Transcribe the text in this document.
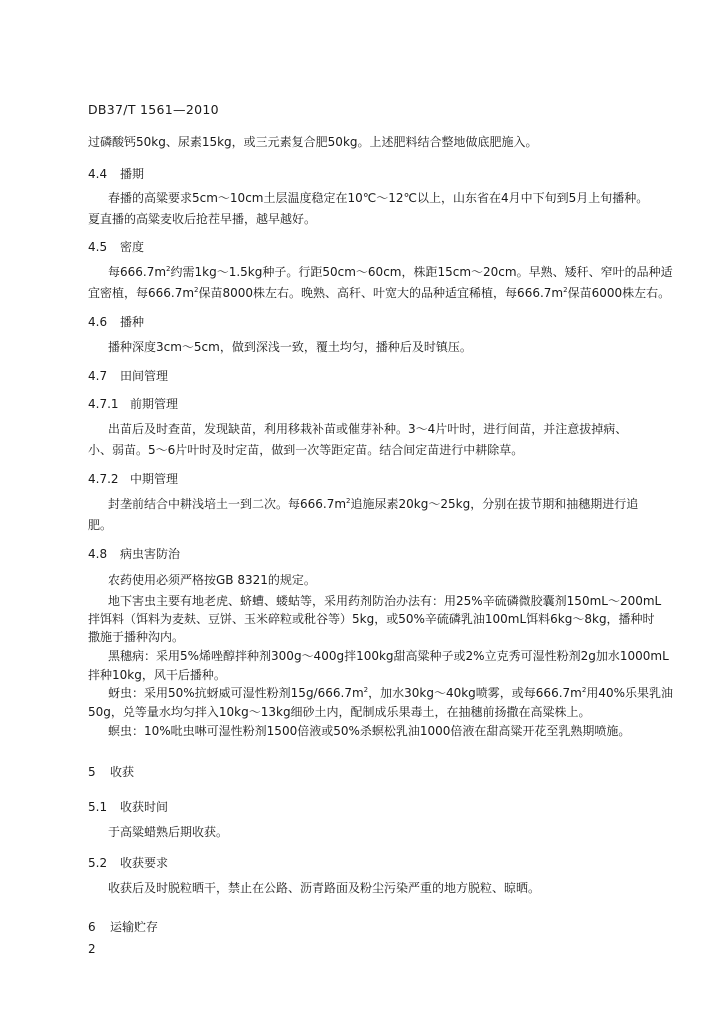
DB37/T 1561—2010
过磷酸钙50kg、尿素15kg，或三元素复合肥50kg。上述肥料结合整地做底肥施入。
4.4 播期
春播的高粱要求5cm～10cm土层温度稳定在10℃～12℃以上，山东省在4月中下旬到5月上旬播种。
夏直播的高粱麦收后抢茬早播，越早越好。
4.5 密度
每$666.7m^2$约需1kg～1.5kg种子。行距50cm～60cm，株距15cm～20cm。早熟、矮秆、窄叶的品种适
宜密植，每$666.7m^2$保苗8000株左右。晚熟、高秆、叶宽大的品种适宜稀植，每$666.7m^2$保苗6000株左右。
4.6 播种
播种深度3cm～5cm，做到深浅一致，覆土均匀，播种后及时镇压。
4.7 田间管理
4.7.1 前期管理
出苗后及时查苗，发现缺苗，利用移栽补苗或催芽补种。3～4片叶时，进行间苗，并注意拔掉病、
小、弱苗。5～6片叶时及时定苗，做到一次等距定苗。结合间定苗进行中耕除草。
4.7.2 中期管理
封垄前结合中耕浅培土一到二次。每$666.7m^2$追施尿素20kg～25kg，分别在拔节期和抽穗期进行追
肥。
4.8 病虫害防治
农药使用必须严格按GB 8321的规定。
地下害虫主要有地老虎、蛴螬、蝼蛄等，采用药剂防治办法有：用25%辛硫磷微胶囊剂150mL～200mL
拌饵料（饵料为麦麸、豆饼、玉米碎粒或秕谷等）5kg，或50%辛硫磷乳油100mL饵料6kg～8kg，播种时
撒施于播种沟内。
黑穗病：采用5%烯唑醇拌种剂300g～400g拌100kg甜高粱种子或2%立克秀可湿性粉剂2g加水1000mL
拌种10kg，风干后播种。
蚜虫：采用50%抗蚜威可湿性粉剂$15g/666.7m^2$，加水30kg～40kg喷雾，或每$666.7m^2$用40%乐果乳油
50g，兑等量水均匀拌入10kg～13kg细砂土内，配制成乐果毒土，在抽穗前扬撒在高粱株上。
螟虫：10%吡虫啉可湿性粉剂1500倍液或50%杀螟松乳油1000倍液在甜高粱开花至乳熟期喷施。
5 收获
5.1 收获时间
于高粱蜡熟后期收获。
5.2 收获要求
收获后及时脱粒晒干，禁止在公路、沥青路面及粉尘污染严重的地方脱粒、晾晒。
6 运输贮存
2
